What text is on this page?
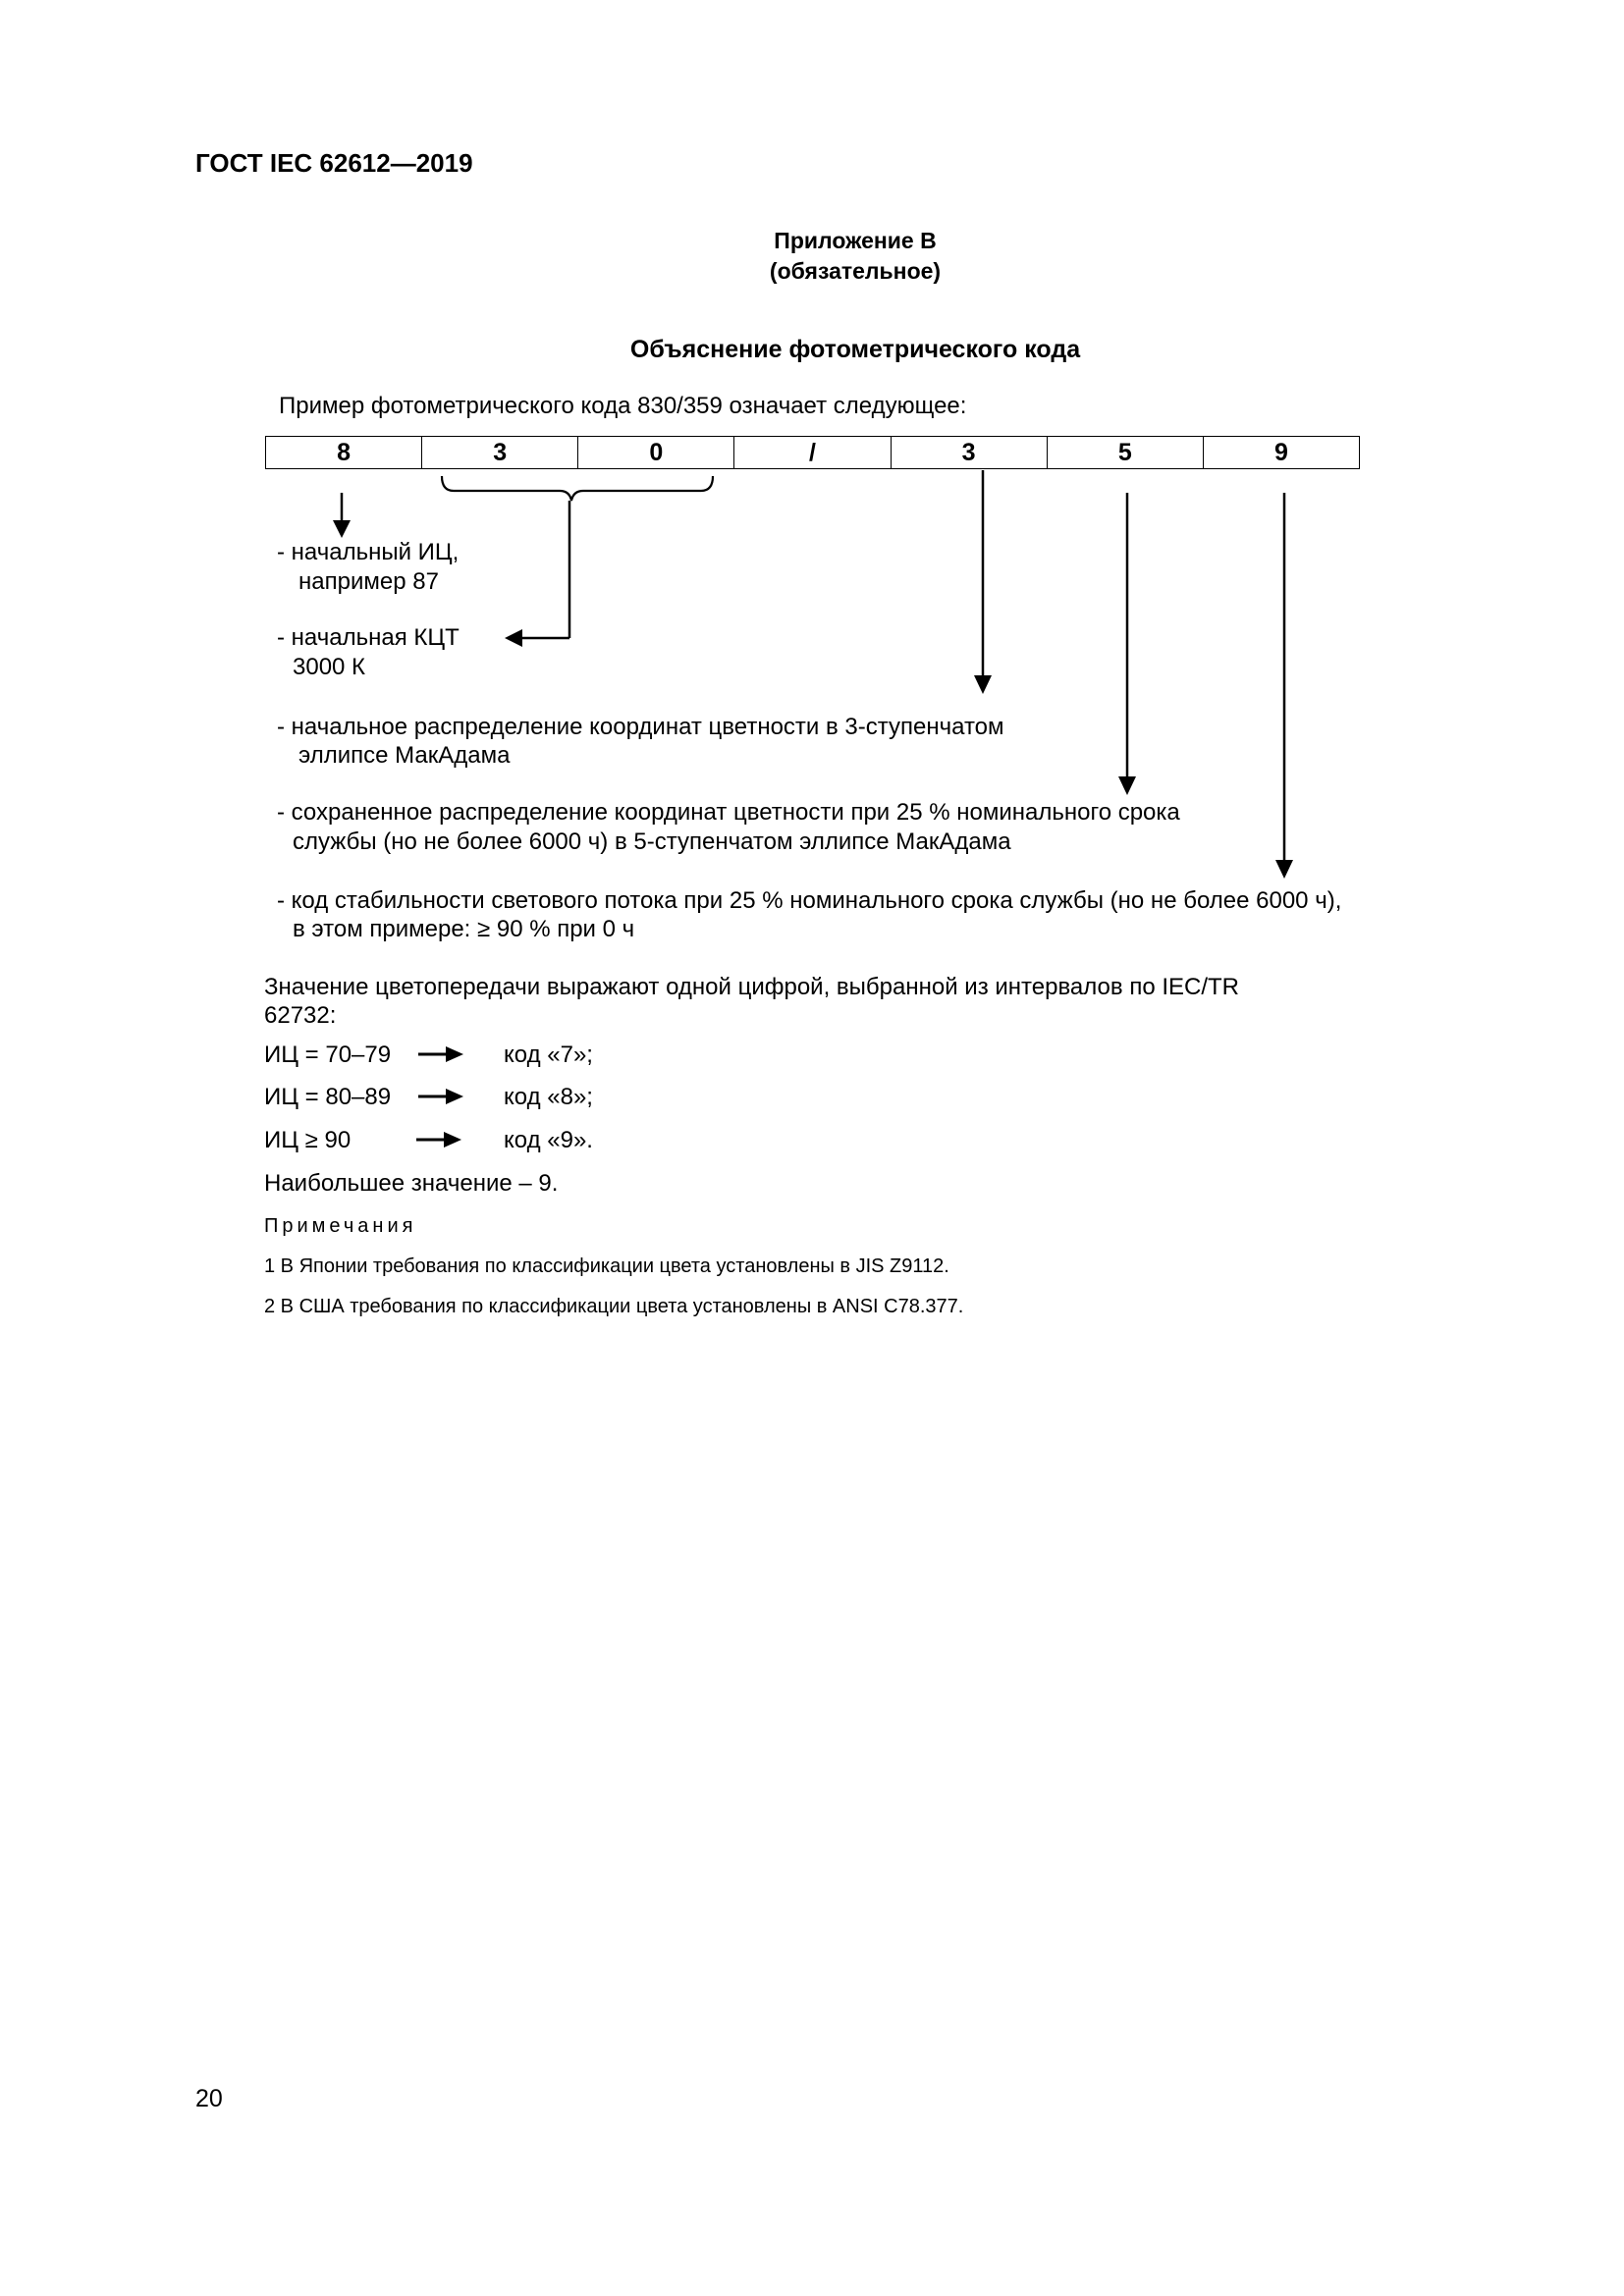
ГОСТ IEC 62612—2019
Приложение В
(обязательное)
Объяснение фотометрического кода
Пример фотометрического кода 830/359 означает следующее:
8	3	0	/	3	5	9
- начальный ИЦ,
например 87
- начальная КЦТ
3000 К
- начальное распределение координат цветности в 3-ступенчатом
эллипсе МакАдама
- сохраненное распределение координат цветности при 25 % номинального срока
службы (но не более 6000 ч) в 5-ступенчатом эллипсе МакАдама
- код стабильности светового потока при 25 % номинального срока службы (но не более 6000 ч),
в этом примере: ≥ 90 % при 0 ч
Значение цветопередачи выражают одной цифрой, выбранной из интервалов по IEC/TR
62732:
ИЦ = 70–79	код «7»;
ИЦ = 80–89	код «8»;
ИЦ ≥ 90	код «9».
Наибольшее значение – 9.
Примечания
1 В Японии требования по классификации цвета установлены в JIS Z9112.
2 В США требования по классификации цвета установлены в ANSI C78.377.
20
